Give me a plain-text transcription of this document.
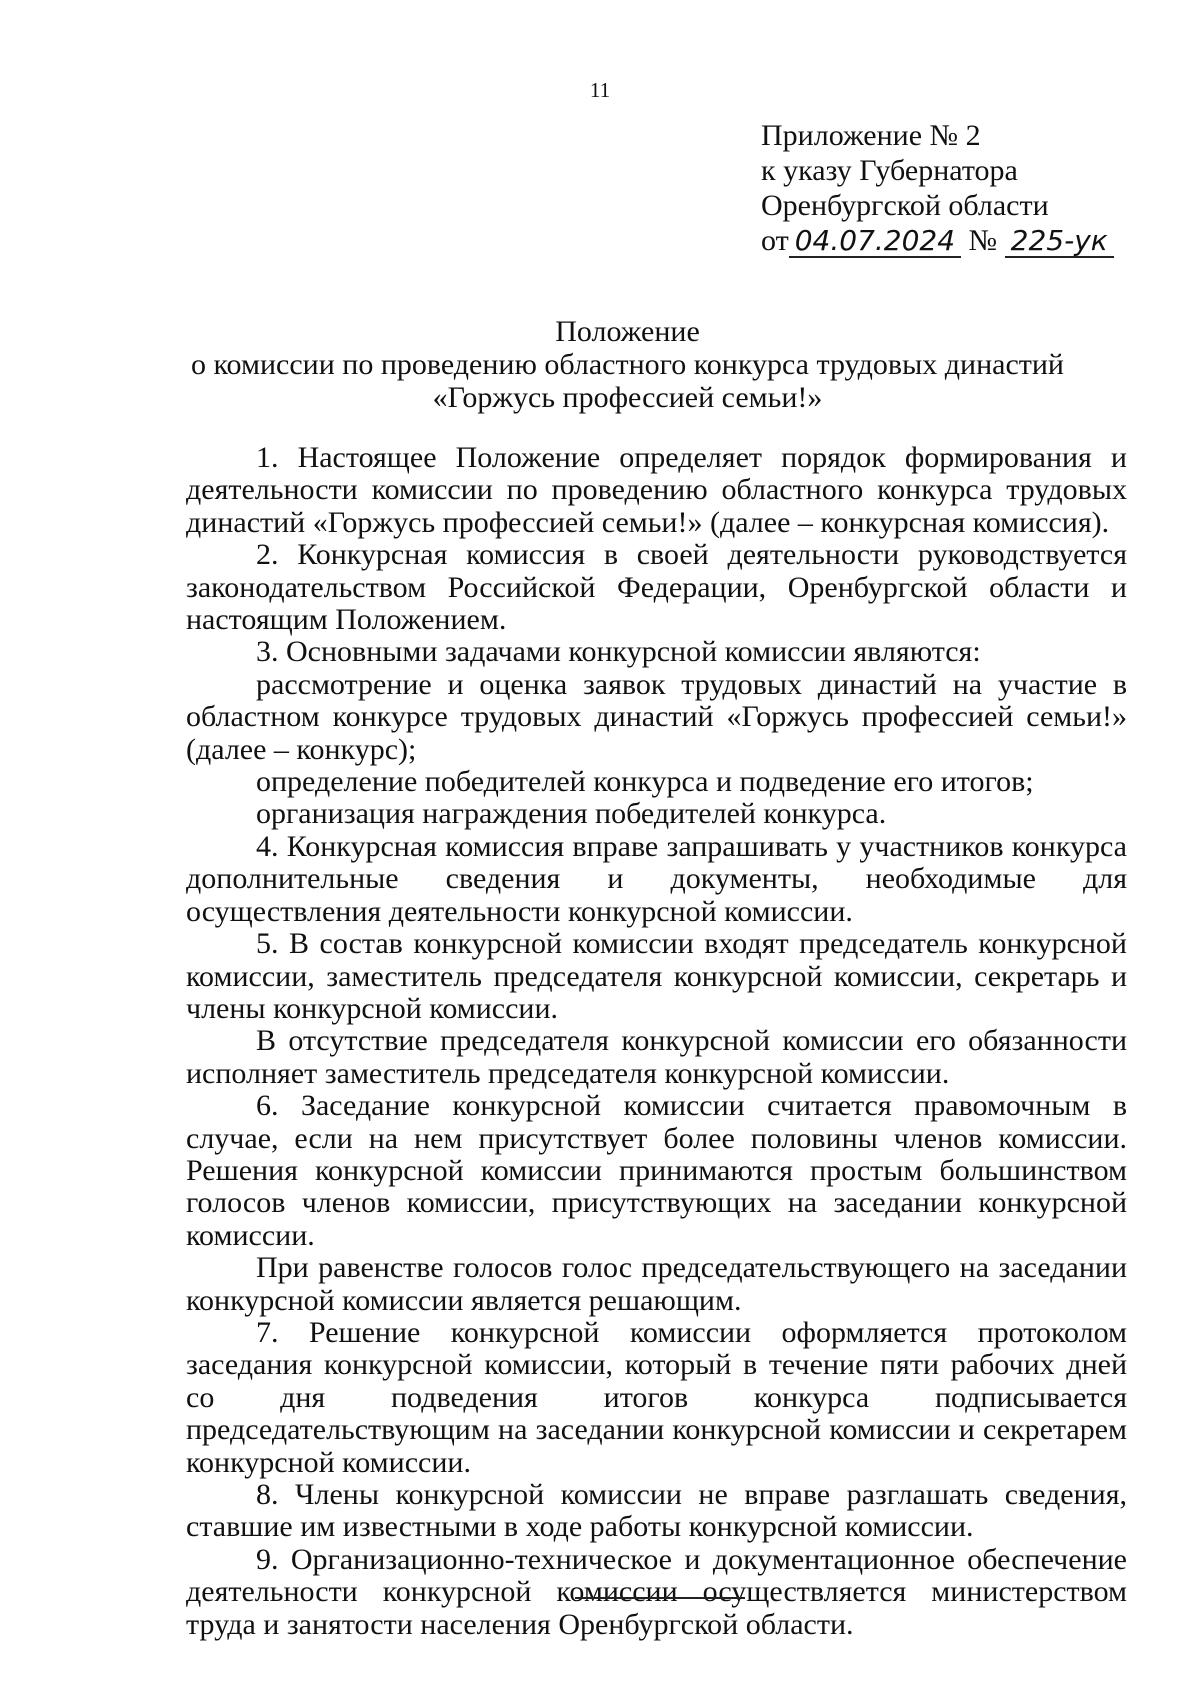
11
Приложение № 2
к указу Губернатора
Оренбургской области
от 04.07.2024 № 225-ук
Положение
о комиссии по проведению областного конкурса трудовых династий
«Горжусь профессией семьи!»

1. Настоящее Положение определяет порядок формирования и деятельности комиссии по проведению областного конкурса трудовых династий «Горжусь профессией семьи!» (далее – конкурсная комиссия).

2. Конкурсная комиссия в своей деятельности руководствуется законодательством Российской Федерации, Оренбургской области и настоящим Положением.

3. Основными задачами конкурсной комиссии являются:

рассмотрение и оценка заявок трудовых династий на участие в областном конкурсе трудовых династий «Горжусь профессией семьи!» (далее – конкурс);

определение победителей конкурса и подведение его итогов;

организация награждения победителей конкурса.

4. Конкурсная комиссия вправе запрашивать у участников конкурса дополнительные сведения и документы, необходимые для осуществления деятельности конкурсной комиссии.

5. В состав конкурсной комиссии входят председатель конкурсной комиссии, заместитель председателя конкурсной комиссии, секретарь и члены конкурсной комиссии.

В отсутствие председателя конкурсной комиссии его обязанности исполняет заместитель председателя конкурсной комиссии.

6. Заседание конкурсной комиссии считается правомочным в случае, если на нем присутствует более половины членов комиссии. Решения конкурсной комиссии принимаются простым большинством голосов членов комиссии, присутствующих на заседании конкурсной комиссии.

При равенстве голосов голос председательствующего на заседании конкурсной комиссии является решающим.

7. Решение конкурсной комиссии оформляется протоколом заседания конкурсной комиссии, который в течение пяти рабочих дней со дня подведения итогов конкурса подписывается председательствующим на заседании конкурсной комиссии и секретарем конкурсной комиссии.

8. Члены конкурсной комиссии не вправе разглашать сведения, ставшие им известными в ходе работы конкурсной комиссии.

9. Организационно-техническое и документационное обеспечение деятельности конкурсной комиссии осуществляется министерством труда и занятости населения Оренбургской области.
